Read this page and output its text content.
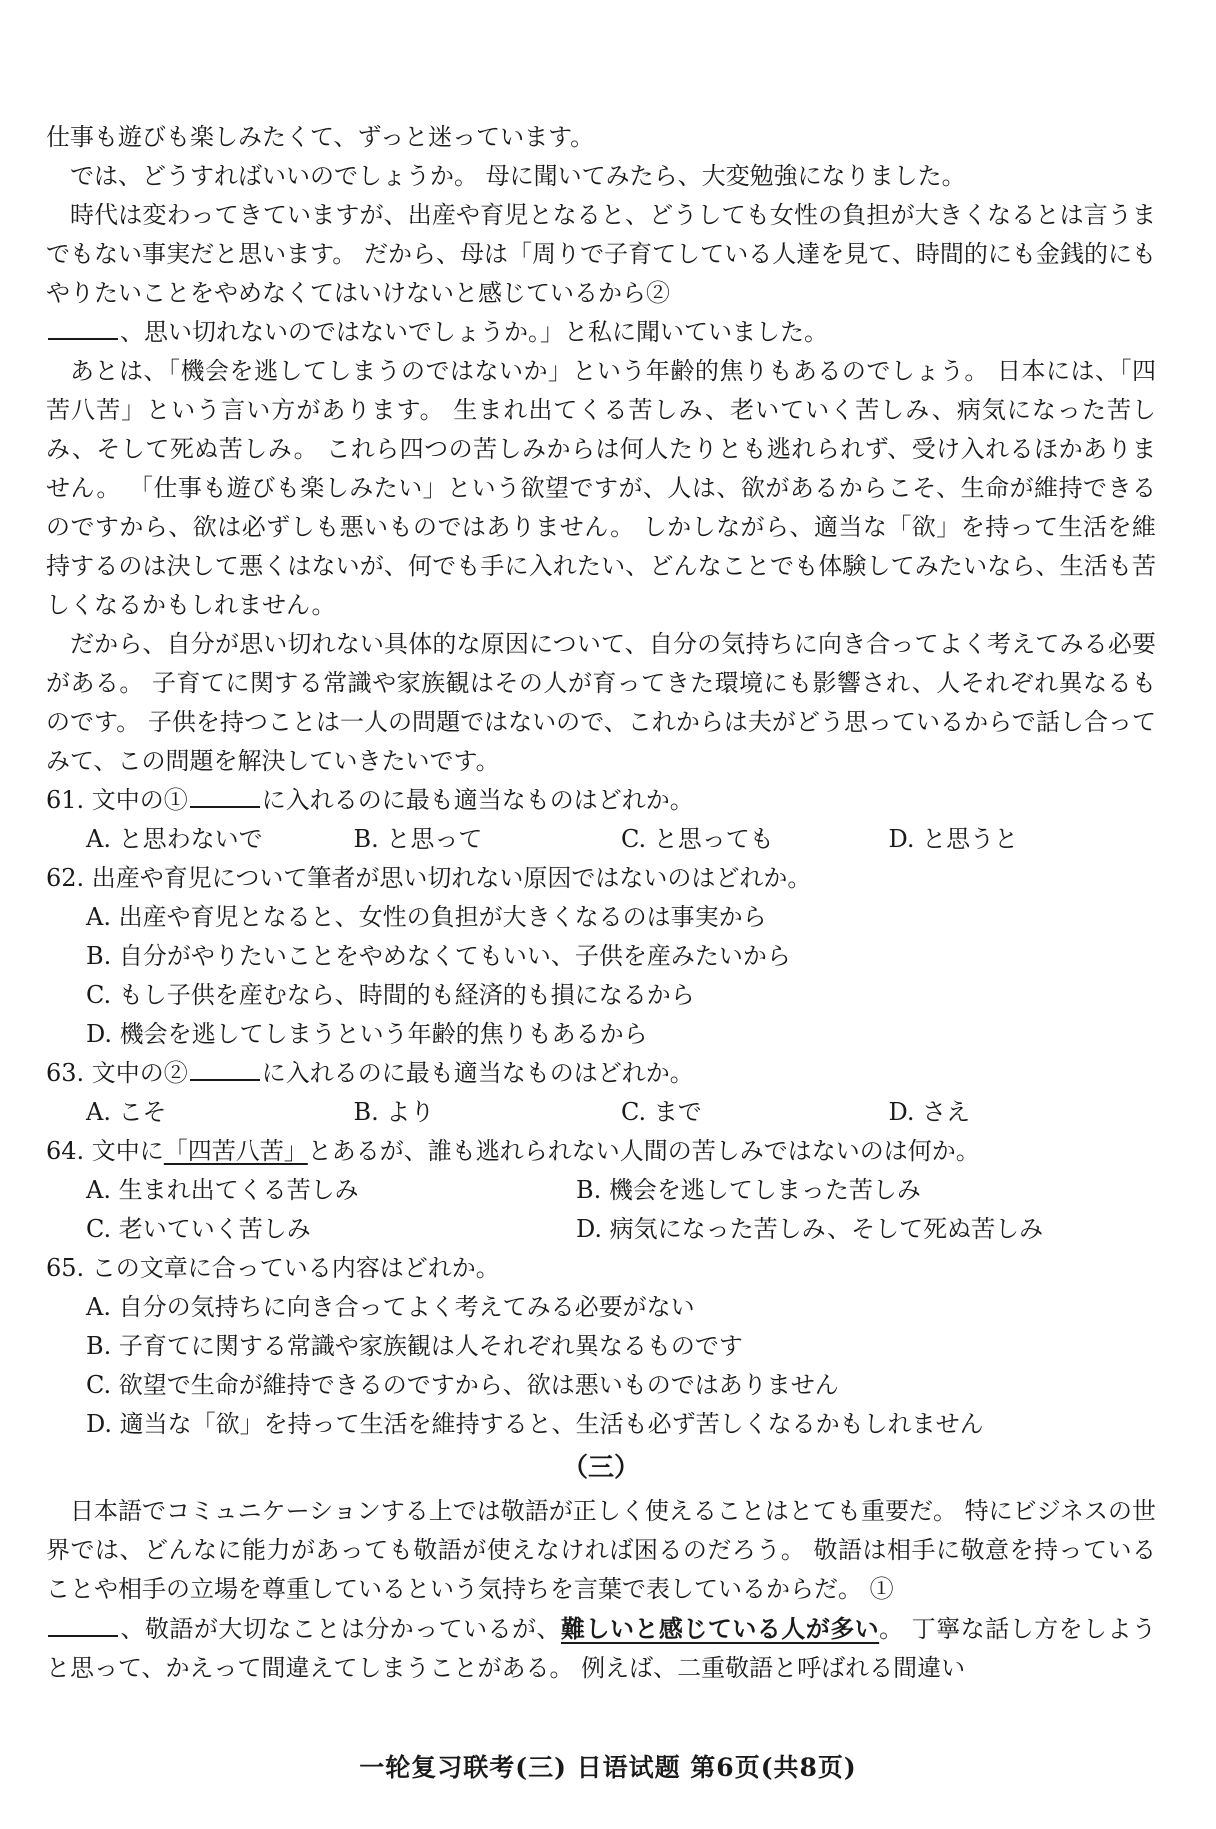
仕事も遊びも楽しみたくて、ずっと迷っています。

では、どうすればいいのでしょうか。 母に聞いてみたら、大変勉強になりました。

時代は変わってきていますが、出産や育児となると、どうしても女性の負担が大きくなるとは言うまでもない事実だと思います。 だから、母は「周りで子育てしている人達を見て、時間的にも金銭的にもやりたいことをやめなくてはいけないと感じているから②
、思い切れないのではないでしょうか。」と私に聞いていました。

あとは、「機会を逃してしまうのではないか」という年齢的焦りもあるのでしょう。 日本には、「四苦八苦」という言い方があります。 生まれ出てくる苦しみ、老いていく苦しみ、病気になった苦しみ、そして死ぬ苦しみ。 これら四つの苦しみからは何人たりとも逃れられず、受け入れるほかありません。 「仕事も遊びも楽しみたい」という欲望ですが、人は、欲があるからこそ、生命が維持できるのですから、欲は必ずしも悪いものではありません。 しかしながら、適当な「欲」を持って生活を維持するのは決して悪くはないが、何でも手に入れたい、どんなことでも体験してみたいなら、生活も苦しくなるかもしれません。

だから、自分が思い切れない具体的な原因について、自分の気持ちに向き合ってよく考えてみる必要がある。 子育てに関する常識や家族観はその人が育ってきた環境にも影響され、人それぞれ異なるものです。 子供を持つことは一人の問題ではないので、これからは夫がどう思っているからで話し合ってみて、この問題を解決していきたいです。

61. 文中の①	に入れるのに最も適当なものはどれか。

A. と思わないで	B. と思って	C. と思っても	D. と思うと

62. 出産や育児について筆者が思い切れない原因ではないのはどれか。

A. 出産や育児となると、女性の負担が大きくなるのは事実から

B. 自分がやりたいことをやめなくてもいい、子供を産みたいから

C. もし子供を産むなら、時間的も経済的も損になるから

D. 機会を逃してしまうという年齢的焦りもあるから

63. 文中の②	に入れるのに最も適当なものはどれか。

A. こそ	B. より	C. まで	D. さえ

64. 文中に「四苦八苦」とあるが、誰も逃れられない人間の苦しみではないのは何か。

A. 生まれ出てくる苦しみ	B. 機会を逃してしまった苦しみ
C. 老いていく苦しみ	D. 病気になった苦しみ、そして死ぬ苦しみ

65. この文章に合っている内容はどれか。

A. 自分の気持ちに向き合ってよく考えてみる必要がない

B. 子育てに関する常識や家族観は人それぞれ異なるものです

C. 欲望で生命が維持できるのですから、欲は悪いものではありません

D. 適当な「欲」を持って生活を維持すると、生活も必ず苦しくなるかもしれません

（三）

日本語でコミュニケーションする上では敬語が正しく使えることはとても重要だ。 特にビジネスの世界では、どんなに能力があっても敬語が使えなければ困るのだろう。 敬語は相手に敬意を持っていることや相手の立場を尊重しているという気持ちを言葉で表しているからだ。 ①
、敬語が大切なことは分かっているが、難しいと感じている人が多い。 丁寧な話し方をしようと思って、かえって間違えてしまうことがある。 例えば、二重敬語と呼ばれる間違い

一轮复习联考(三) 日语试题 第6页(共8页)
